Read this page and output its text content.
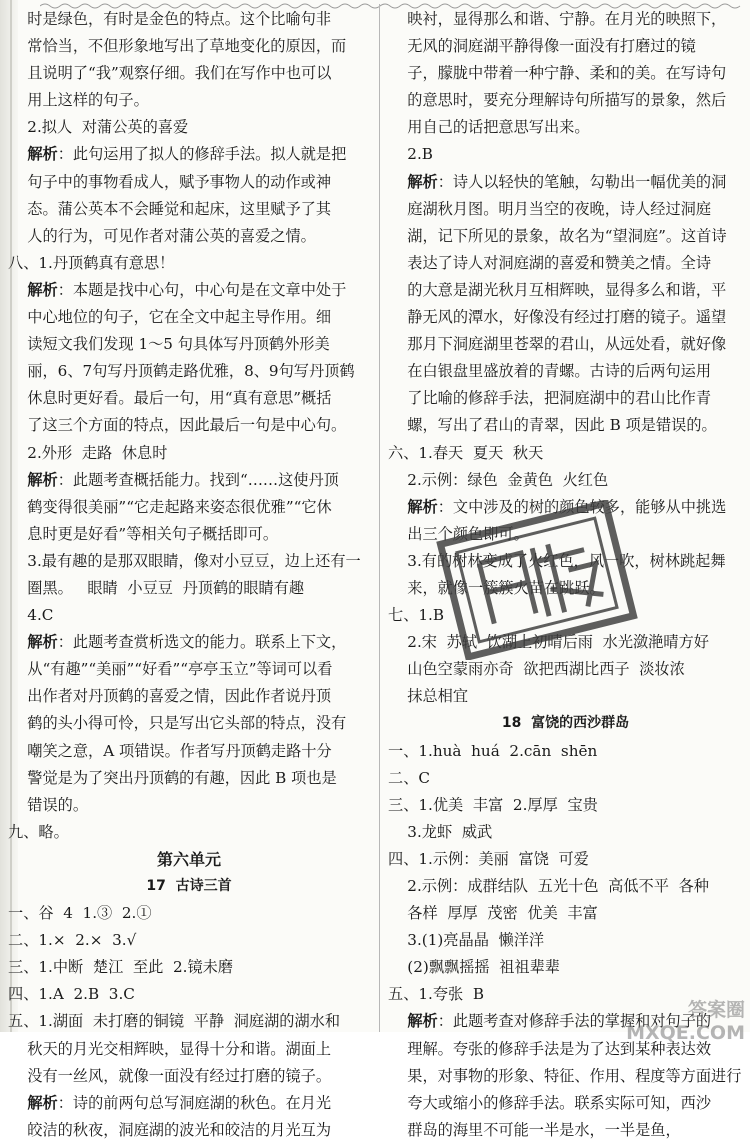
时是绿色，有时是金色的特点。这个比喻句非
常恰当，不但形象地写出了草地变化的原因，而
且说明了“我”观察仔细。我们在写作中也可以
用上这样的句子。
2.拟人  对蒲公英的喜爱
解析：此句运用了拟人的修辞手法。拟人就是把
句子中的事物看成人，赋予事物人的动作或神
态。蒲公英本不会睡觉和起床，这里赋予了其
人的行为，可见作者对蒲公英的喜爱之情。
八、1.丹顶鹤真有意思！
解析：本题是找中心句，中心句是在文章中处于
中心地位的句子，它在全文中起主导作用。细
读短文我们发现 1～5 句具体写丹顶鹤外形美
丽，6、7句写丹顶鹤走路优雅，8、9句写丹顶鹤
休息时更好看。最后一句，用“真有意思”概括
了这三个方面的特点，因此最后一句是中心句。
2.外形  走路  休息时
解析：此题考查概括能力。找到“……这使丹顶
鹤变得很美丽”“它走起路来姿态很优雅”“它休
息时更是好看”等相关句子概括即可。
3.最有趣的是那双眼睛，像对小豆豆，边上还有一
圈黑。   眼睛  小豆豆  丹顶鹤的眼睛有趣
4.C
解析：此题考查赏析选文的能力。联系上下文，
从“有趣”“美丽”“好看”“亭亭玉立”等词可以看
出作者对丹顶鹤的喜爱之情，因此作者说丹顶
鹤的头小得可怜，只是写出它头部的特点，没有
嘲笑之意，A 项错误。作者写丹顶鹤走路十分
警觉是为了突出丹顶鹤的有趣，因此 B 项也是
错误的。
九、略。
第六单元
17  古诗三首
一、谷  4  1.③  2.①
二、1.×  2.×  3.√
三、1.中断  楚江  至此  2.镜未磨
四、1.A  2.B  3.C
五、1.湖面  未打磨的铜镜  平静  洞庭湖的湖水和
秋天的月光交相辉映，显得十分和谐。湖面上
没有一丝风，就像一面没有经过打磨的镜子。
解析：诗的前两句总写洞庭湖的秋色。在月光
皎洁的秋夜，洞庭湖的波光和皎洁的月光互为
映衬，显得那么和谐、宁静。在月光的映照下，
无风的洞庭湖平静得像一面没有打磨过的镜
子，朦胧中带着一种宁静、柔和的美。在写诗句
的意思时，要充分理解诗句所描写的景象，然后
用自己的话把意思写出来。
2.B
解析：诗人以轻快的笔触，勾勒出一幅优美的洞
庭湖秋月图。明月当空的夜晚，诗人经过洞庭
湖，记下所见的景象，故名为“望洞庭”。这首诗
表达了诗人对洞庭湖的喜爱和赞美之情。全诗
的大意是湖光秋月互相辉映，显得多么和谐，平
静无风的潭水，好像没有经过打磨的镜子。遥望
那月下洞庭湖里苍翠的君山，从远处看，就好像
在白银盘里盛放着的青螺。古诗的后两句运用
了比喻的修辞手法，把洞庭湖中的君山比作青
螺，写出了君山的青翠，因此 B 项是错误的。
六、1.春天  夏天  秋天
2.示例：绿色  金黄色  火红色
解析：文中涉及的树的颜色较多，能够从中挑选
出三个颜色即可。
3.有的树林变成了火红色，风一吹，树林跳起舞
来，就像一簇簇火苗在跳跃。
七、1.B
2.宋  苏轼  饮湖上初晴后雨  水光潋滟晴方好
山色空蒙雨亦奇  欲把西湖比西子  淡妆浓
抹总相宜
18  富饶的西沙群岛
一、1.huà  huá  2.cān  shēn
二、C
三、1.优美  丰富  2.厚厚  宝贵
3.龙虾  威武
四、1.示例：美丽  富饶  可爱
2.示例：成群结队  五光十色  高低不平  各种
各样  厚厚  茂密  优美  丰富
3.(1)亮晶晶  懒洋洋
(2)飘飘摇摇  祖祖辈辈
五、1.夸张  B
解析：此题考查对修辞手法的掌握和对句子的
理解。夸张的修辞手法是为了达到某种表达效
果，对事物的形象、特征、作用、程度等方面进行
夸大或缩小的修辞手法。联系实际可知，西沙
群岛的海里不可能一半是水，一半是鱼，
答案圈 MXQE.COM
